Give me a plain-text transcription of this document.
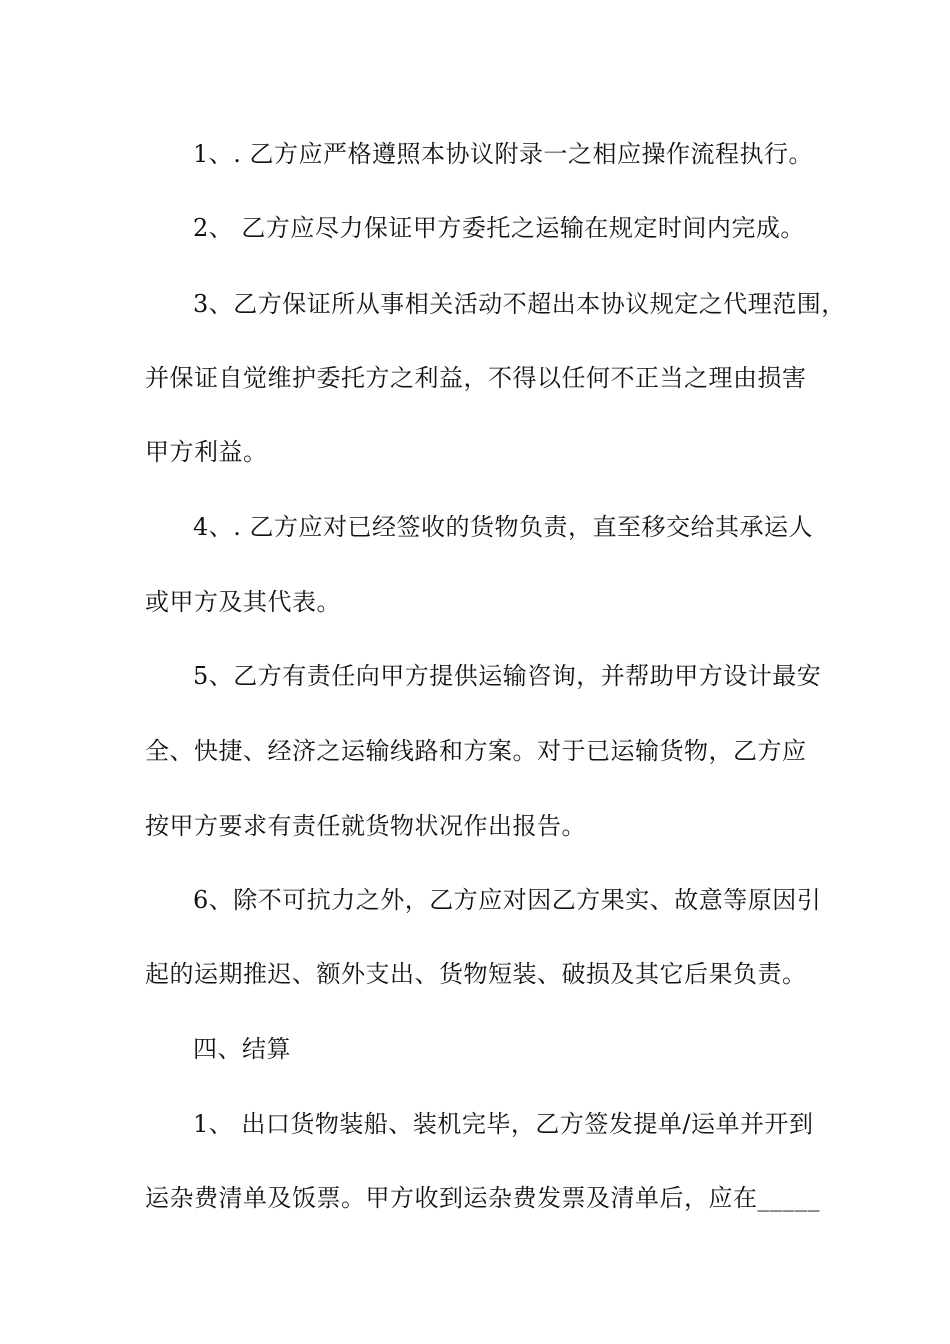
1、. 乙方应严格遵照本协议附录一之相应操作流程执行。
2、 乙方应尽力保证甲方委托之运输在规定时间内完成。
3、乙方保证所从事相关活动不超出本协议规定之代理范围，
并保证自觉维护委托方之利益，不得以任何不正当之理由损害
甲方利益。
4、. 乙方应对已经签收的货物负责，直至移交给其承运人
或甲方及其代表。
5、乙方有责任向甲方提供运输咨询，并帮助甲方设计最安
全、快捷、经济之运输线路和方案。对于已运输货物，乙方应
按甲方要求有责任就货物状况作出报告。
6、除不可抗力之外，乙方应对因乙方果实、故意等原因引
起的运期推迟、额外支出、货物短装、破损及其它后果负责。
四、结算
1、 出口货物装船、装机完毕，乙方签发提单/运单并开到
运杂费清单及饭票。甲方收到运杂费发票及清单后，应在_____
